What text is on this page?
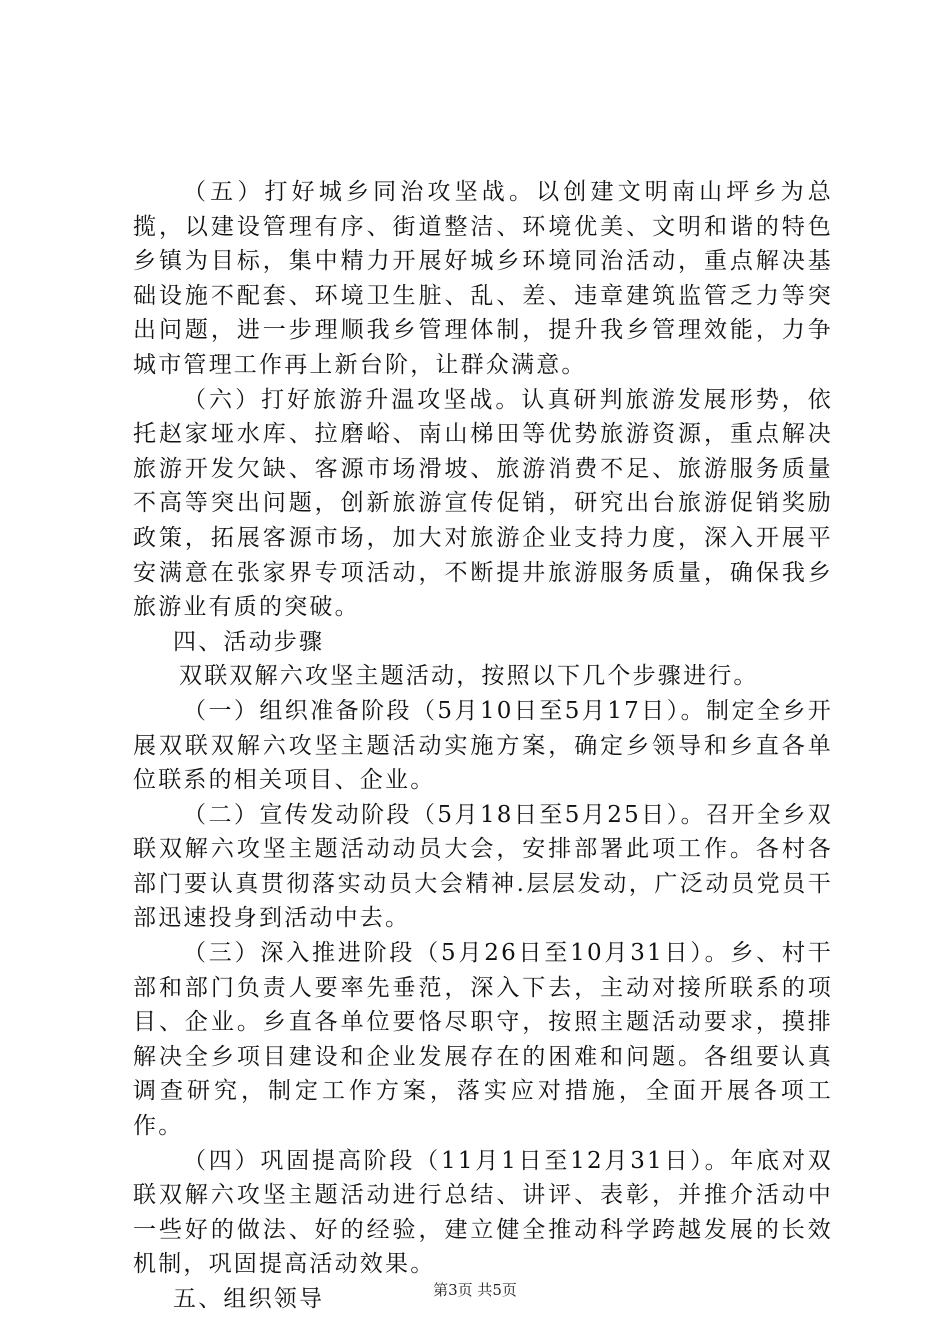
（五）打好城乡同治攻坚战。以创建文明南山坪乡为总揽，以建设管理有序、街道整洁、环境优美、文明和谐的特色乡镇为目标，集中精力开展好城乡环境同治活动，重点解决基础设施不配套、环境卫生脏、乱、差、违章建筑监管乏力等突出问题，进一步理顺我乡管理体制，提升我乡管理效能，力争城市管理工作再上新台阶，让群众满意。

（六）打好旅游升温攻坚战。认真研判旅游发展形势，依托赵家垭水库、拉磨峪、南山梯田等优势旅游资源，重点解决旅游开发欠缺、客源市场滑坡、旅游消费不足、旅游服务质量不高等突出问题，创新旅游宣传促销，研究出台旅游促销奖励政策，拓展客源市场，加大对旅游企业支持力度，深入开展平安满意在张家界专项活动，不断提井旅游服务质量，确保我乡旅游业有质的突破。

四、活动步骤

双联双解六攻坚主题活动，按照以下几个步骤进行。

（一）组织准备阶段（5月10日至5月17日）。制定全乡开展双联双解六攻坚主题活动实施方案，确定乡领导和乡直各单位联系的相关项目、企业。

（二）宣传发动阶段（5月18日至5月25日）。召开全乡双联双解六攻坚主题活动动员大会，安排部署此项工作。各村各部门要认真贯彻落实动员大会精神.层层发动，广泛动员党员干部迅速投身到活动中去。

（三）深入推进阶段（5月26日至10月31日）。乡、村干部和部门负责人要率先垂范，深入下去，主动对接所联系的项目、企业。乡直各单位要恪尽职守，按照主题活动要求，摸排解决全乡项目建设和企业发展存在的困难和问题。各组要认真调查研究，制定工作方案，落实应对措施，全面开展各项工作。

（四）巩固提高阶段（11月1日至12月31日）。年底对双联双解六攻坚主题活动进行总结、讲评、表彰，并推介活动中一些好的做法、好的经验，建立健全推动科学跨越发展的长效机制，巩固提高活动效果。

五、组织领导	第3页 共5页
